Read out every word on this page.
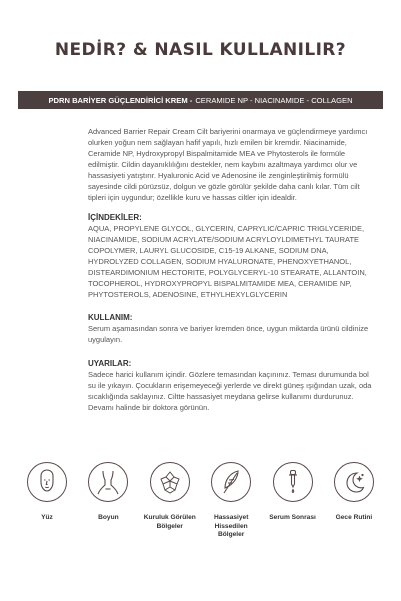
NEDİR? & NASIL KULLANILIR?
PDRN BARİYER GÜÇLENDİRİCİ KREM - CERAMIDE NP - NIACINAMIDE - COLLAGEN
Advanced Barrier Repair Cream Cilt bariyerini onarmaya ve güçlendirmeye yardımcı olurken yoğun nem sağlayan hafif yapılı, hızlı emilen bir kremdir. Niacinamide, Ceramide NP, Hydroxypropyl Bispalmitamide MEA ve Phytosterols ile formüle edilmiştir. Cildin dayanıklılığını destekler, nem kaybını azaltmaya yardımcı olur ve hassasiyeti yatıştırır. Hyaluronic Acid ve Adenosine ile zenginleştirilmiş formülü sayesinde cildi pürüzsüz, dolgun ve gözle görülür şekilde daha canlı kılar. Tüm cilt tipleri için uygundur; özellikle kuru ve hassas ciltler için idealdir.
İÇİNDEKİLER:
AQUA, PROPYLENE GLYCOL, GLYCERIN, CAPRYLIC/CAPRIC TRIGLYCERIDE, NIACINAMIDE, SODIUM ACRYLATE/SODIUM ACRYLOYLDIMETHYL TAURATE COPOLYMER, LAURYL GLUCOSIDE, C15-19 ALKANE, SODIUM DNA, HYDROLYZED COLLAGEN, SODIUM HYALURONATE, PHENOXYETHANOL, DISTEARDIMONIUM HECTORITE, POLYGLYCERYL-10 STEARATE, ALLANTOIN, TOCOPHEROL, HYDROXYPROPYL BISPALMITAMIDE MEA, CERAMIDE NP, PHYTOSTEROLS, ADENOSINE, ETHYLHEXYLGLYCERIN
KULLANIM:
Serum aşamasından sonra ve bariyer kremden önce, uygun miktarda ürünü cildinize uygulayın.
UYARILAR:
Sadece harici kullanım içindir. Gözlere temasından kaçınınız. Teması durumunda bol su ile yıkayın. Çocukların erişemeyeceği yerlerde ve direkt güneş ışığından uzak, oda sıcaklığında saklayınız. Ciltte hassasiyet meydana gelirse kullanımı durdurunuz. Devamı halinde bir doktora görünün.
Yüz	Boyun	Kuruluk Görülen Bölgeler
Hassasiyet Hissedilen Bölgeler
Serum Sonrası	Gece Rutini
